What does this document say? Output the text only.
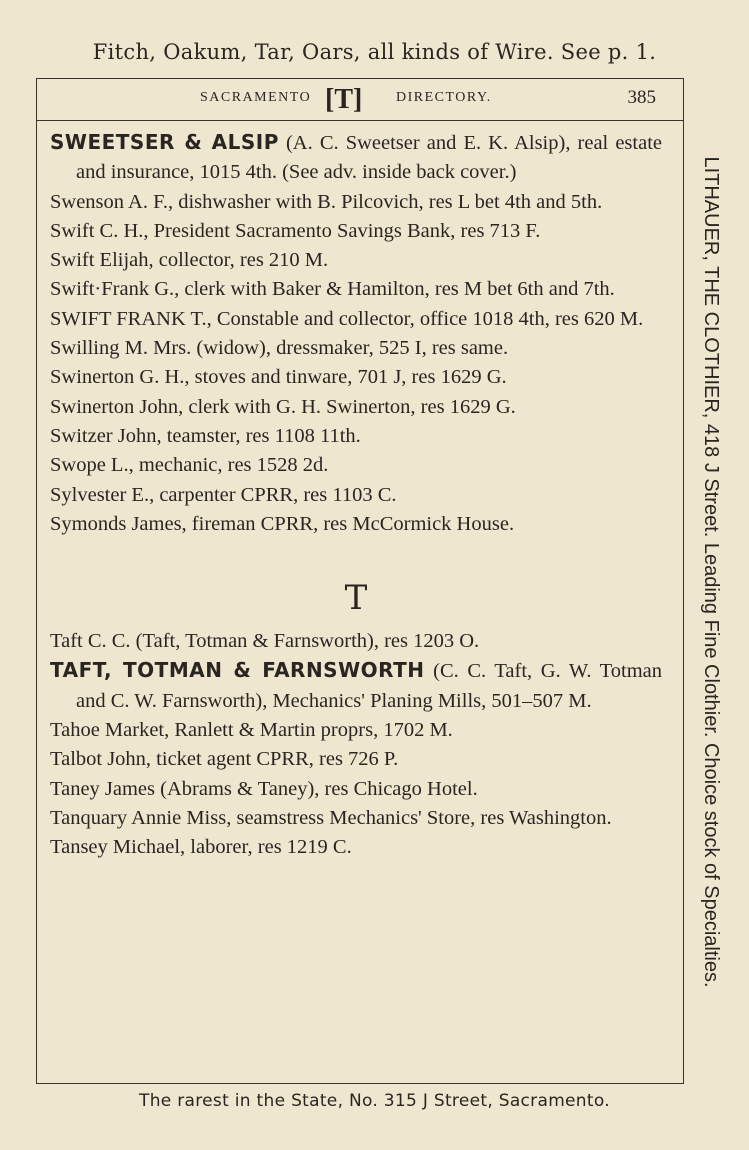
Fitch, Oakum, Tar, Oars, all kinds of Wire. See p. 1.
SACRAMENTO [T] DIRECTORY.	385
LITHAUER, THE CLOTHIER, 418 J Street. Leading Fine Clothier. Choice stock of Specialties.

SWEETSER & ALSIP (A. C. Sweetser and E. K. Alsip), real estate and insurance, 1015 4th. (See adv. inside back cover.)

Swenson A. F., dishwasher with B. Pilcovich, res L bet 4th and 5th.

Swift C. H., President Sacramento Savings Bank, res 713 F.

Swift Elijah, collector, res 210 M.

Swift·Frank G., clerk with Baker & Hamilton, res M bet 6th and 7th.

SWIFT FRANK T., Constable and collector, office 1018 4th, res 620 M.

Swilling M. Mrs. (widow), dressmaker, 525 I, res same.

Swinerton G. H., stoves and tinware, 701 J, res 1629 G.

Swinerton John, clerk with G. H. Swinerton, res 1629 G.

Switzer John, teamster, res 1108 11th.

Swope L., mechanic, res 1528 2d.

Sylvester E., carpenter CPRR, res 1103 C.

Symonds James, fireman CPRR, res McCormick House.

T

Taft C. C. (Taft, Totman & Farnsworth), res 1203 O.

TAFT, TOTMAN & FARNSWORTH (C. C. Taft, G. W. Totman and C. W. Farnsworth), Mechanics' Planing Mills, 501–507 M.

Tahoe Market, Ranlett & Martin proprs, 1702 M.

Talbot John, ticket agent CPRR, res 726 P.

Taney James (Abrams & Taney), res Chicago Hotel.

Tanquary Annie Miss, seamstress Mechanics' Store, res Washington.

Tansey Michael, laborer, res 1219 C.

The rarest in the State, No. 315 J Street, Sacramento.
